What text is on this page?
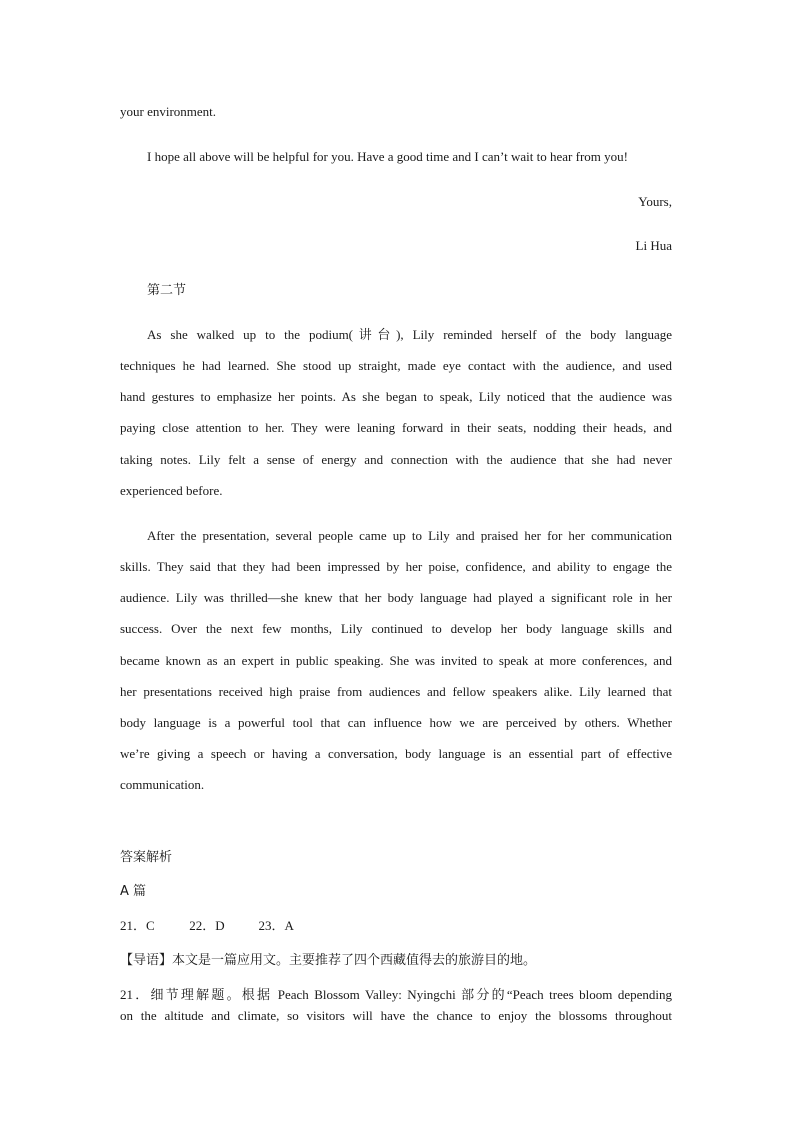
your environment.
I hope all above will be helpful for you. Have a good time and I can’t wait to hear from you!
Yours,
Li Hua
第二节
As she walked up to the podium(讲台), Lily reminded herself of the body language
techniques he had learned. She stood up straight, made eye contact with the audience, and used
hand gestures to emphasize her points. As she began to speak, Lily noticed that the audience was
paying close attention to her. They were leaning forward in their seats, nodding their heads, and
taking notes. Lily felt a sense of energy and connection with the audience that she had never
experienced before.
After the presentation, several people came up to Lily and praised her for her communication
skills. They said that they had been impressed by her poise, confidence, and ability to engage the
audience. Lily was thrilled—she knew that her body language had played a significant role in her
success. Over the next few months, Lily continued to develop her body language skills and
became known as an expert in public speaking. She was invited to speak at more conferences, and
her presentations received high praise from audiences and fellow speakers alike. Lily learned that
body language is a powerful tool that can influence how we are perceived by others. Whether
we’re giving a speech or having a conversation, body language is an essential part of effective
communication.
答案解析
A 篇
21．C	22．D	23．A
【导语】本文是一篇应用文。主要推荐了四个西藏值得去的旅游目的地。
21．细节理解题。根据 Peach Blossom Valley: Nyingchi 部分的“Peach trees bloom depending
on the altitude and climate, so visitors will have the chance to enjoy the blossoms throughout
